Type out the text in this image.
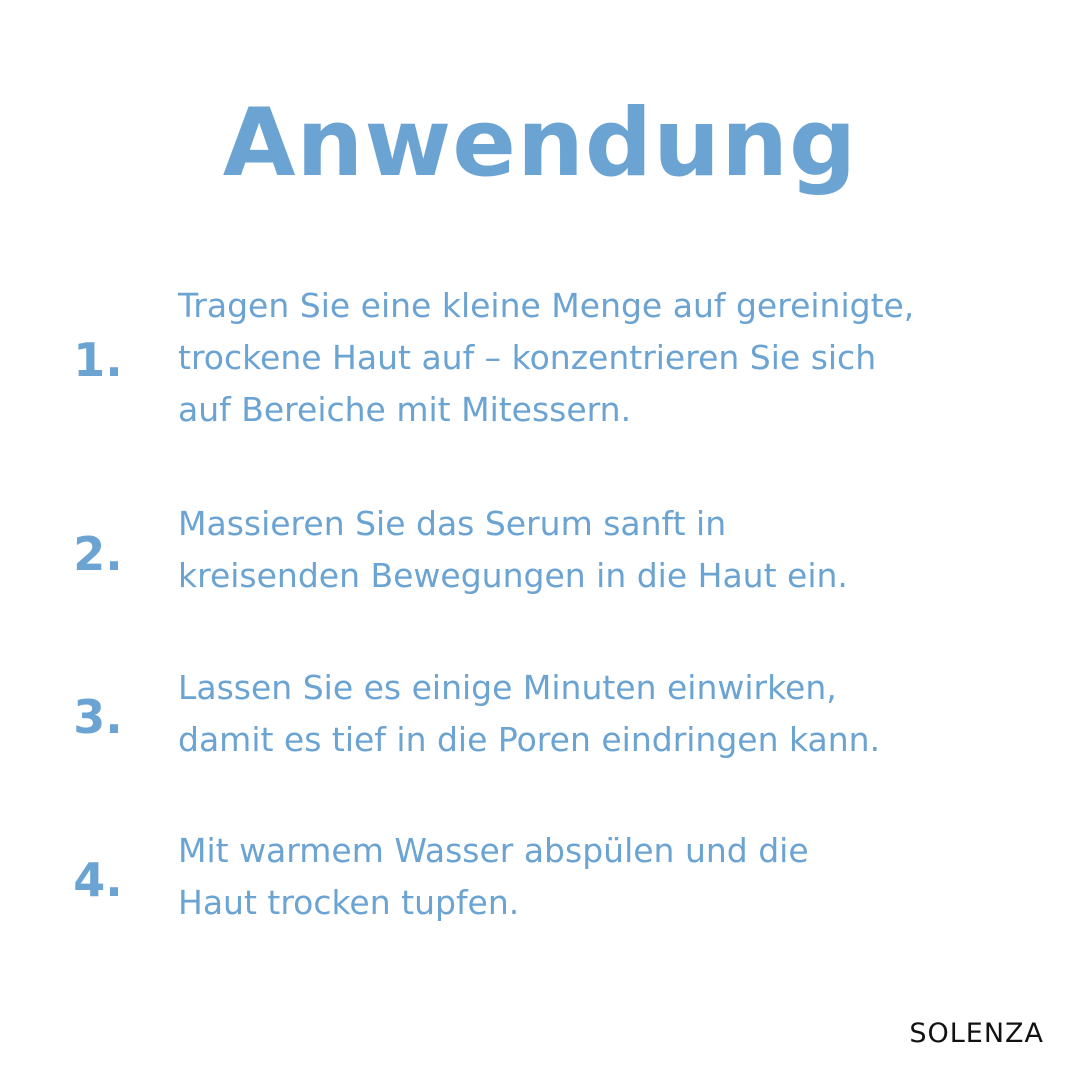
Anwendung
1.
Tragen Sie eine kleine Menge auf gereinigte,
trockene Haut auf – konzentrieren Sie sich
auf Bereiche mit Mitessern.
2.
Massieren Sie das Serum sanft in
kreisenden Bewegungen in die Haut ein.
3.
Lassen Sie es einige Minuten einwirken,
damit es tief in die Poren eindringen kann.
4.
Mit warmem Wasser abspülen und die
Haut trocken tupfen.
SOLENZA
